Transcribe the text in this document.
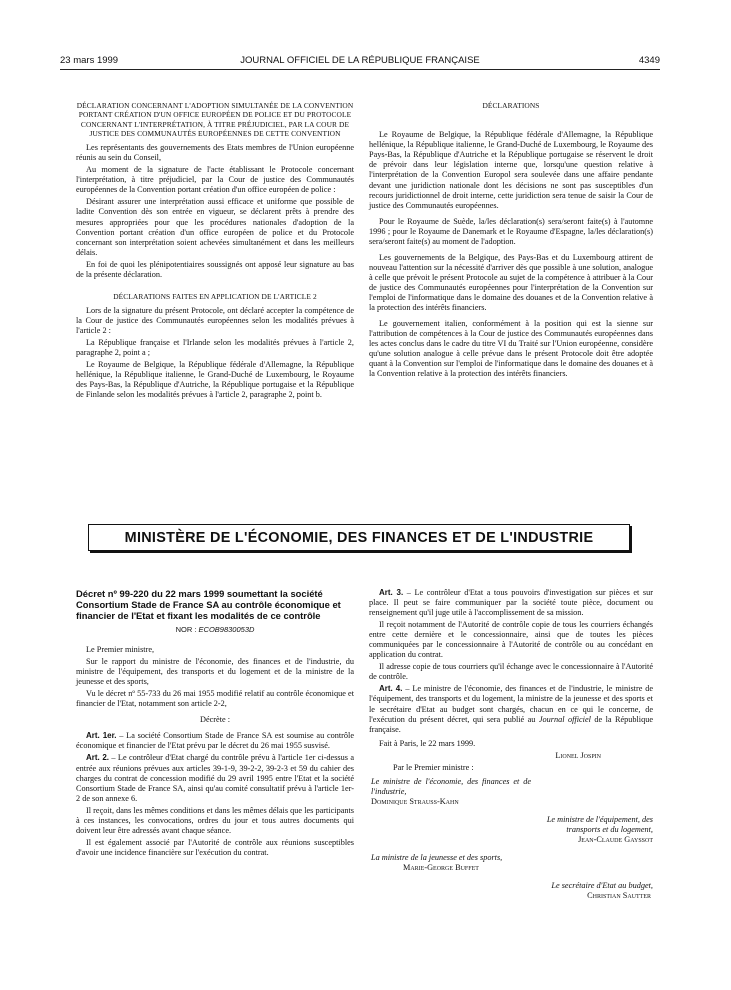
23 mars 1999	JOURNAL OFFICIEL DE LA RÉPUBLIQUE FRANÇAISE	4349
DÉCLARATION CONCERNANT L'ADOPTION SIMULTANÉE DE LA CONVENTION PORTANT CRÉATION D'UN OFFICE EUROPÉEN DE POLICE ET DU PROTOCOLE CONCERNANT L'INTERPRÉTATION, À TITRE PRÉJUDICIEL, PAR LA COUR DE JUSTICE DES COMMUNAUTÉS EUROPÉENNES DE CETTE CONVENTION

Les représentants des gouvernements des Etats membres de l'Union européenne réunis au sein du Conseil,

Au moment de la signature de l'acte établissant le Protocole concernant l'interprétation, à titre préjudiciel, par la Cour de justice des Communautés européennes de la Convention portant création d'un office européen de police :

Désirant assurer une interprétation aussi efficace et uniforme que possible de ladite Convention dès son entrée en vigueur, se déclarent prêts à prendre des mesures appropriées pour que les procédures nationales d'adoption de la Convention portant création d'un office européen de police et du Protocole concernant son interprétation soient achevées simultanément et dans les meilleurs délais.

En foi de quoi les plénipotentiaires soussignés ont apposé leur signature au bas de la présente déclaration.

DÉCLARATIONS FAITES EN APPLICATION DE L'ARTICLE 2

Lors de la signature du présent Protocole, ont déclaré accepter la compétence de la Cour de justice des Communautés européennes selon les modalités prévues à l'article 2 :

La République française et l'Irlande selon les modalités prévues à l'article 2, paragraphe 2, point a ;

Le Royaume de Belgique, la République fédérale d'Allemagne, la République hellénique, la République italienne, le Grand-Duché de Luxembourg, le Royaume des Pays-Bas, la République d'Autriche, la République portugaise et la République de Finlande selon les modalités prévues à l'article 2, paragraphe 2, point b.

DÉCLARATIONS

Le Royaume de Belgique, la République fédérale d'Allemagne, la République hellénique, la République italienne, le Grand-Duché de Luxembourg, le Royaume des Pays-Bas, la République d'Autriche et la République portugaise se réservent le droit de prévoir dans leur législation interne que, lorsqu'une question relative à l'interprétation de la Convention Europol sera soulevée dans une affaire pendante devant une juridiction nationale dont les décisions ne sont pas susceptibles d'un recours juridictionnel de droit interne, cette juridiction sera tenue de saisir la Cour de justice des Communautés européennes.

Pour le Royaume de Suède, la/les déclaration(s) sera/seront faite(s) à l'automne 1996 ; pour le Royaume de Danemark et le Royaume d'Espagne, la/les déclaration(s) sera/seront faite(s) au moment de l'adoption.

Les gouvernements de la Belgique, des Pays-Bas et du Luxembourg attirent de nouveau l'attention sur la nécessité d'arriver dès que possible à une solution, analogue à celle que prévoit le présent Protocole au sujet de la compétence à attribuer à la Cour de justice des Communautés européennes pour l'interprétation de la Convention sur l'emploi de l'informatique dans le domaine des douanes et de la Convention relative à la protection des intérêts financiers.

Le gouvernement italien, conformément à la position qui est la sienne sur l'attribution de compétences à la Cour de justice des Communautés européennes dans les actes conclus dans le cadre du titre VI du Traité sur l'Union européenne, considère qu'une solution analogue à celle prévue dans le présent Protocole doit être adoptée quant à la Convention sur l'emploi de l'informatique dans le domaine des douanes et à la Convention relative à la protection des intérêts financiers.

MINISTÈRE DE L'ÉCONOMIE, DES FINANCES ET DE L'INDUSTRIE
Décret nº 99-220 du 22 mars 1999 soumettant la société Consortium Stade de France SA au contrôle économique et financier de l'Etat et fixant les modalités de ce contrôle
NOR : ECOB9830053D

Le Premier ministre,

Sur le rapport du ministre de l'économie, des finances et de l'industrie, du ministre de l'équipement, des transports et du logement et de la ministre de la jeunesse et des sports,

Vu le décret nº 55-733 du 26 mai 1955 modifié relatif au contrôle économique et financier de l'Etat, notamment son article 2-2,

Décrète :

Art. 1er. – La société Consortium Stade de France SA est soumise au contrôle économique et financier de l'Etat prévu par le décret du 26 mai 1955 susvisé.

Art. 2. – Le contrôleur d'Etat chargé du contrôle prévu à l'article 1er ci-dessus a entrée aux réunions prévues aux articles 39-1-9, 39-2-2, 39-2-3 et 59 du cahier des charges du contrat de concession modifié du 29 avril 1995 entre l'Etat et la société Consortium Stade de France SA, ainsi qu'au comité consultatif prévu à l'article 1er-2 de son annexe 6.

Il reçoit, dans les mêmes conditions et dans les mêmes délais que les participants à ces instances, les convocations, ordres du jour et tous autres documents qui doivent leur être adressés avant chaque séance.

Il est également associé par l'Autorité de contrôle aux réunions susceptibles d'avoir une incidence financière sur l'exécution du contrat.

Art. 3. – Le contrôleur d'Etat a tous pouvoirs d'investigation sur pièces et sur place. Il peut se faire communiquer par la société toute pièce, document ou renseignement qu'il juge utile à l'accomplissement de sa mission.

Il reçoit notamment de l'Autorité de contrôle copie de tous les courriers échangés entre cette dernière et le concessionnaire, ainsi que de toutes les pièces communiquées par le concessionnaire à l'Autorité de contrôle ou au concédant en application du contrat.

Il adresse copie de tous courriers qu'il échange avec le concessionnaire à l'Autorité de contrôle.

Art. 4. – Le ministre de l'économie, des finances et de l'industrie, le ministre de l'équipement, des transports et du logement, la ministre de la jeunesse et des sports et le secrétaire d'Etat au budget sont chargés, chacun en ce qui le concerne, de l'exécution du présent décret, qui sera publié au Journal officiel de la République française.

Fait à Paris, le 22 mars 1999.

Lionel Jospin

Par le Premier ministre :

Le ministre de l'économie, des finances et de l'industrie,

Dominique Strauss-Kahn

Le ministre de l'équipement, des transports et du logement,

Jean-Claude Gayssot

La ministre de la jeunesse et des sports,

Marie-George Buffet

Le secrétaire d'Etat au budget,

Christian Sautter
